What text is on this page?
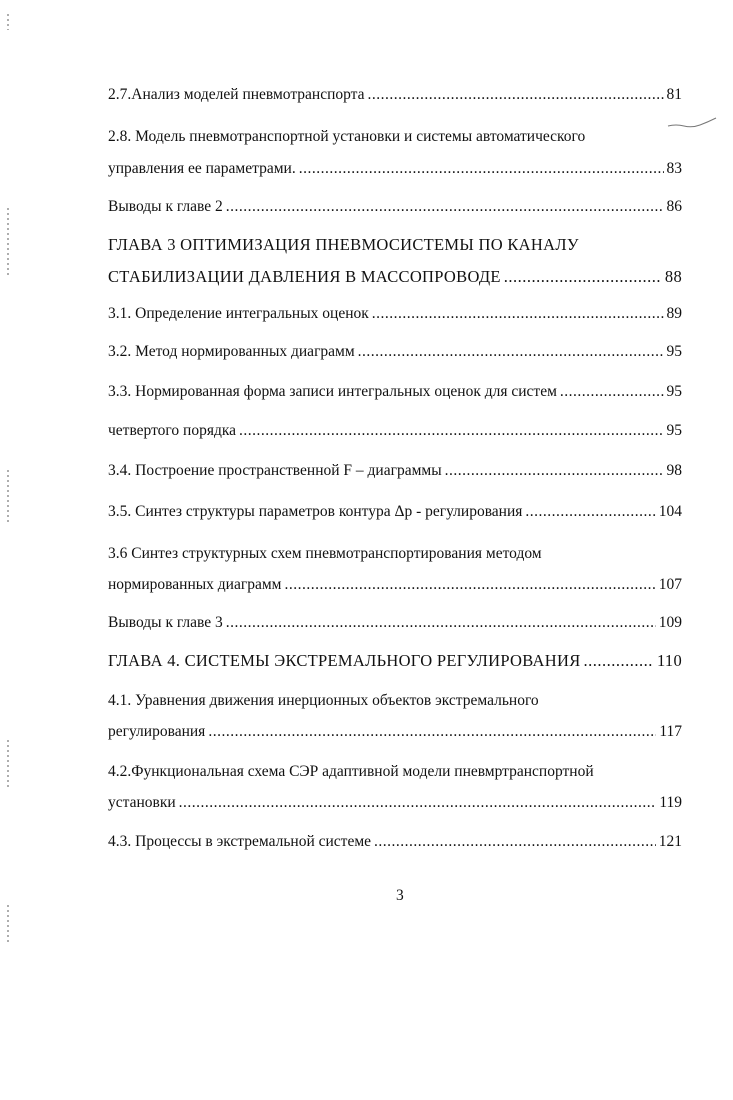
2.7.Анализ моделей пневмотранспорта .....	81
2.8. Модель пневмотранспортной установки и системы автоматического
управления ее параметрами. .....	83
Выводы к главе 2 .....	86
ГЛАВА 3 ОПТИМИЗАЦИЯ ПНЕВМОСИСТЕМЫ ПО КАНАЛУ
СТАБИЛИЗАЦИИ ДАВЛЕНИЯ В МАССОПРОВОДЕ .....	88
3.1. Определение интегральных оценок .....	89
3.2. Метод нормированных диаграмм .....	95
3.3. Нормированная форма записи интегральных оценок для систем .....	95
четвертого порядка .....	95
3.4. Построение пространственной F – диаграммы .....	98
3.5. Синтез структуры параметров контура Δр - регулирования .....	104
3.6 Синтез структурных схем пневмотранспортирования методом
нормированных диаграмм .....	107
Выводы к главе 3 .....	109
ГЛАВА 4. СИСТЕМЫ ЭКСТРЕМАЛЬНОГО РЕГУЛИРОВАНИЯ .....	110
4.1. Уравнения движения инерционных объектов экстремального
регулирования .....	117
4.2.Функциональная схема СЭР адаптивной модели пневмртранспортной
установки .....	119
4.3. Процессы в экстремальной системе .....	121
3
